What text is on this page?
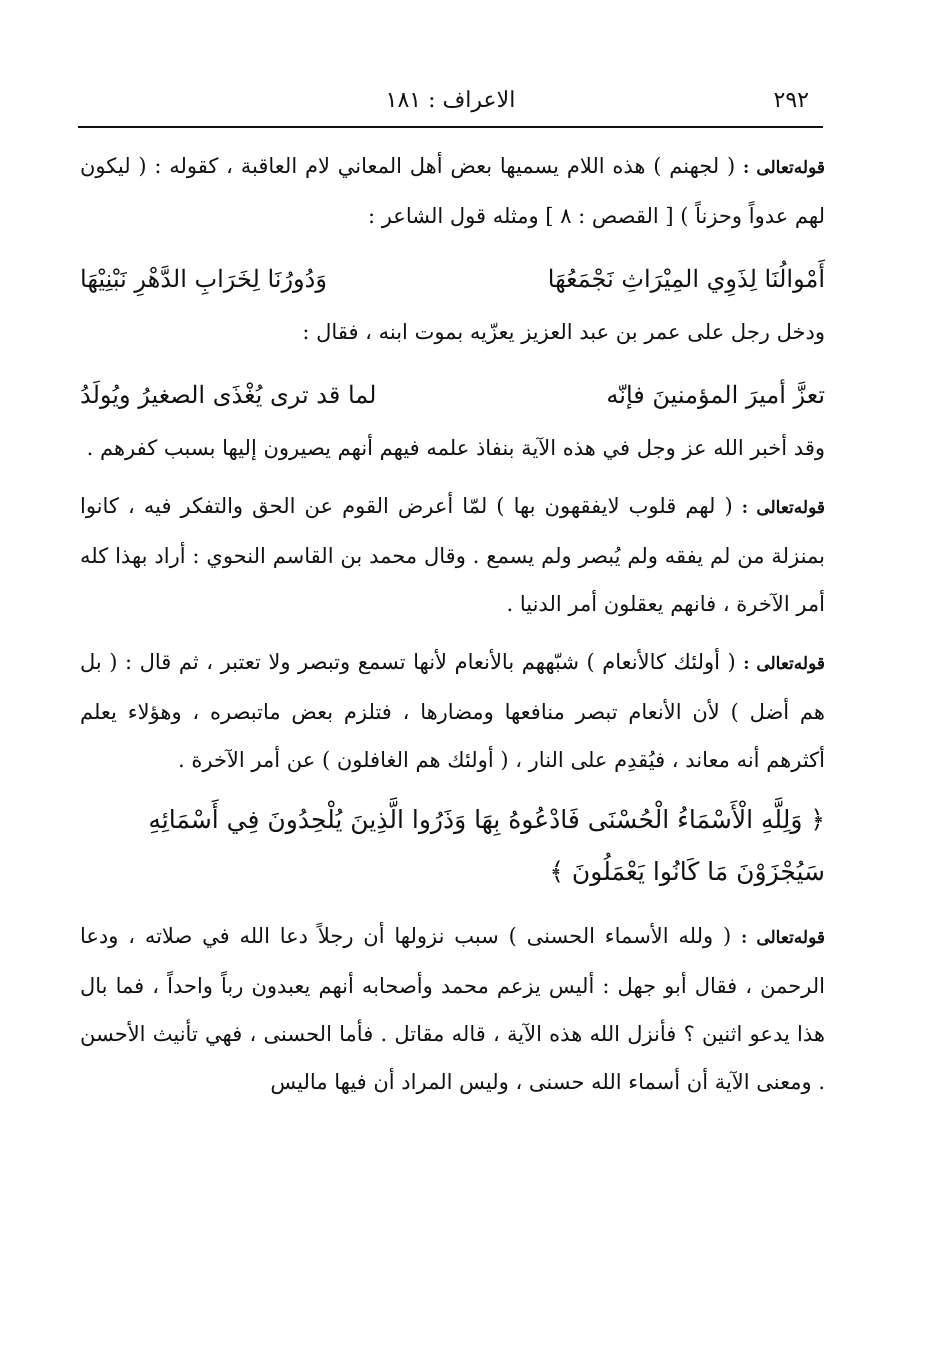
٢٩٢
الاعراف : ١٨١

قوله‌تعالى : ( لجهنم ) هذه اللام يسميها بعض أهل المعاني لام العاقبة ، كقوله : ( ليكون لهم عدواً وحزناً ) [ القصص : ٨ ] ومثله قول الشاعر :

أَمْوالُنَا لِذَوِي المِيْرَاثِ نَجْمَعُهَا
وَدُورُنَا لِخَرَابِ الدَّهْرِ نَبْنِيْهَا

ودخل رجل على عمر بن عبد العزيز يعزّيه بموت ابنه ، فقال :

تعزَّ أميرَ المؤمنينَ فإنّه
لما قد ترى يُغْذَى الصغيرُ ويُولَدُ

وقد أخبر الله عز وجل في هذه الآية بنفاذ علمه فيهم أنهم يصيرون إليها بسبب كفرهم .

قوله‌تعالى : ( لهم قلوب لايفقهون بها ) لمّا أعرض القوم عن الحق والتفكر فيه ، كانوا بمنزلة من لم يفقه ولم يُبصر ولم يسمع . وقال محمد بن القاسم النحوي : أراد بهذا كله أمر الآخرة ، فانهم يعقلون أمر الدنيا .

قوله‌تعالى : ( أولئك كالأنعام ) شبّههم بالأنعام لأنها تسمع وتبصر ولا تعتبر ، ثم قال : ( بل هم أضل ) لأن الأنعام تبصر منافعها ومضارها ، فتلزم بعض ماتبصره ، وهؤلاء يعلم أكثرهم أنه معاند ، فيُقدِم على النار ، ( أولئك هم الغافلون ) عن أمر الآخرة .

﴿ وَلِلَّهِ الْأَسْمَاءُ الْحُسْنَى فَادْعُوهُ بِهَا وَذَرُوا الَّذِينَ يُلْحِدُونَ فِي أَسْمَائِهِ سَيُجْزَوْنَ مَا كَانُوا يَعْمَلُونَ ﴾

قوله‌تعالى : ( ولله الأسماء الحسنى ) سبب نزولها أن رجلاً دعا الله في صلاته ، ودعا الرحمن ، فقال أبو جهل : أليس يزعم محمد وأصحابه أنهم يعبدون رباً واحداً ، فما بال هذا يدعو اثنين ؟ فأنزل الله هذه الآية ، قاله مقاتل . فأما الحسنى ، فهي تأنيث الأحسن . ومعنى الآية أن أسماء الله حسنى ، وليس المراد أن فيها ماليس
